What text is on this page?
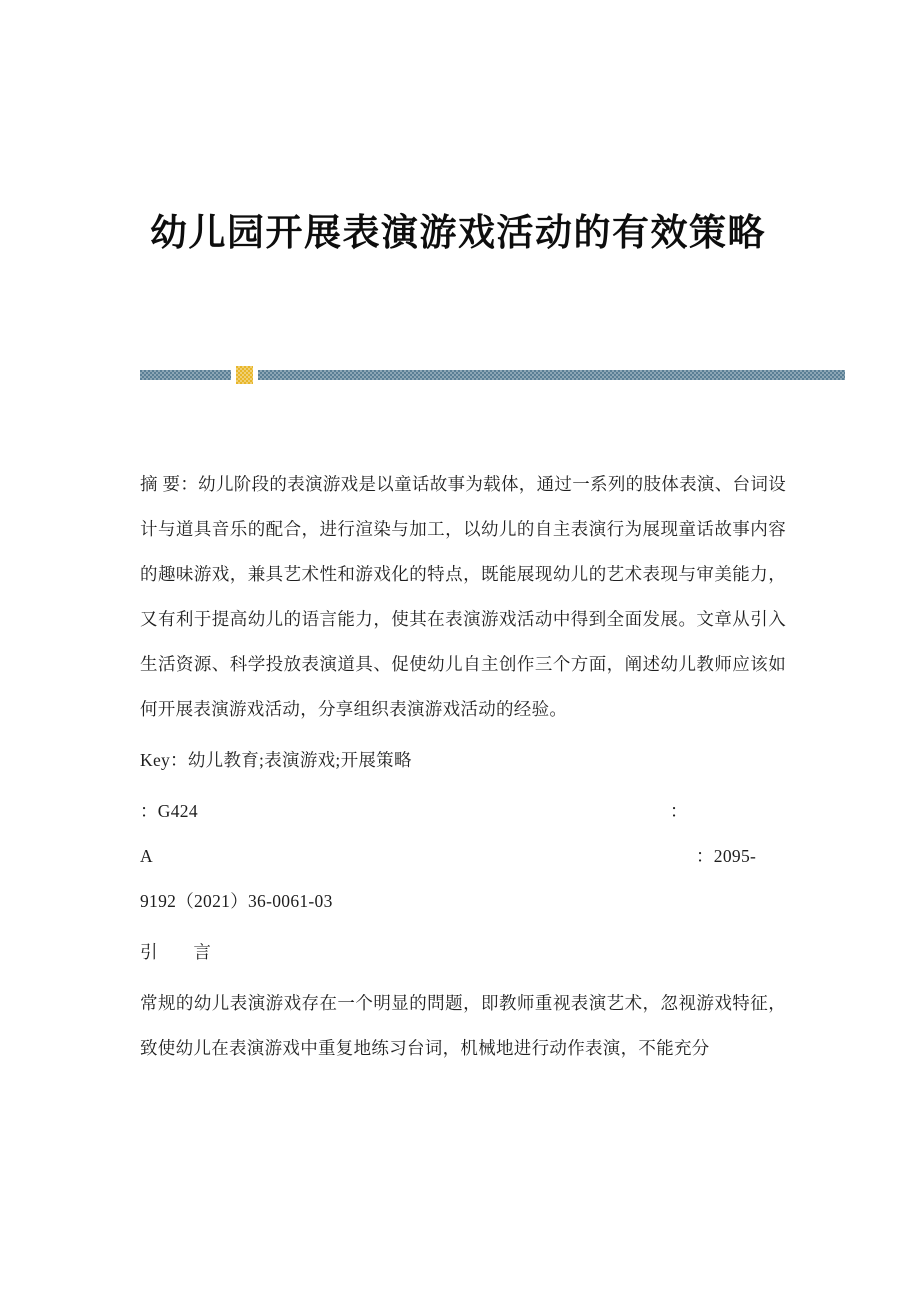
幼儿园开展表演游戏活动的有效策略

摘 要：幼儿阶段的表演游戏是以童话故事为载体，通过一系列的肢体表演、台词设计与道具音乐的配合，进行渲染与加工，以幼儿的自主表演行为展现童话故事内容的趣味游戏，兼具艺术性和游戏化的特点，既能展现幼儿的艺术表现与审美能力，又有利于提高幼儿的语言能力，使其在表演游戏活动中得到全面发展。文章从引入生活资源、科学投放表演道具、促使幼儿自主创作三个方面，阐述幼儿教师应该如何开展表演游戏活动，分享组织表演游戏活动的经验。

Key：幼儿教育;表演游戏;开展策略

：G424

	：

A

	：2095-

9192（2021）36-0061-03

引　　言

常规的幼儿表演游戏存在一个明显的問题，即教师重视表演艺术，忽视游戏特征，致使幼儿在表演游戏中重复地练习台词，机械地进行动作表演，不能充分
